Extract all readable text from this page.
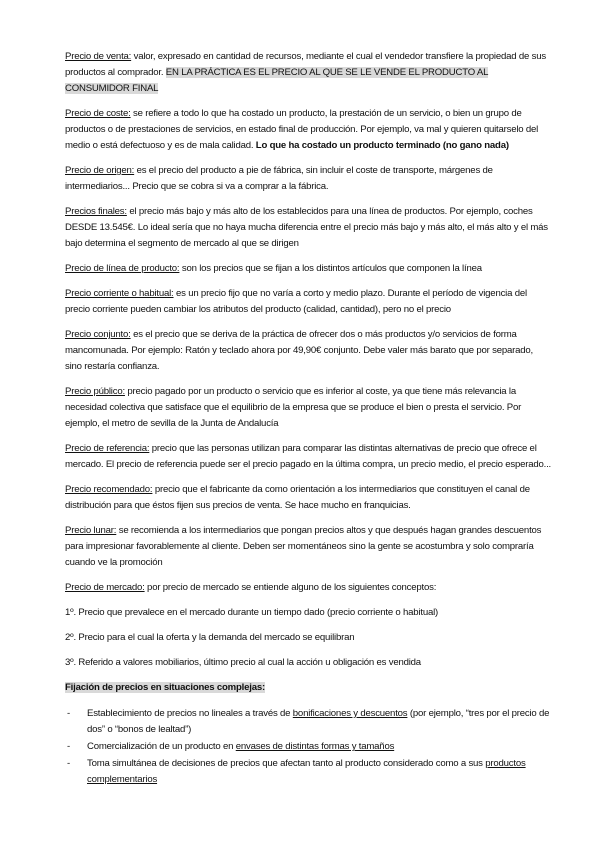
Precio de venta: valor, expresado en cantidad de recursos, mediante el cual el vendedor transfiere la propiedad de sus productos al comprador. EN LA PRÁCTICA ES EL PRECIO AL QUE SE LE VENDE EL PRODUCTO AL CONSUMIDOR FINAL

Precio de coste: se refiere a todo lo que ha costado un producto, la prestación de un servicio, o bien un grupo de productos o de prestaciones de servicios, en estado final de producción. Por ejemplo, va mal y quieren quitarselo del medio o está defectuoso y es de mala calidad. Lo que ha costado un producto terminado (no gano nada)

Precio de origen: es el precio del producto a pie de fábrica, sin incluir el coste de transporte, márgenes de intermediarios... Precio que se cobra si va a comprar a la fábrica.

Precios finales: el precio más bajo y más alto de los establecidos para una línea de productos. Por ejemplo, coches DESDE 13.545€. Lo ideal sería que no haya mucha diferencia entre el precio más bajo y más alto, el más alto y el más bajo determina el segmento de mercado al que se dirigen

Precio de línea de producto: son los precios que se fijan a los distintos artículos que componen la línea

Precio corriente o habitual: es un precio fijo que no varía a corto y medio plazo. Durante el período de vigencia del precio corriente pueden cambiar los atributos del producto (calidad, cantidad), pero no el precio

Precio conjunto: es el precio que se deriva de la práctica de ofrecer dos o más productos y/o servicios de forma mancomunada. Por ejemplo: Ratón y teclado ahora por 49,90€ conjunto. Debe valer más barato que por separado, sino restaría confianza.

Precio público: precio pagado por un producto o servicio que es inferior al coste, ya que tiene más relevancia la necesidad colectiva que satisface que el equilibrio de la empresa que se produce el bien o presta el servicio. Por ejemplo, el metro de sevilla de la Junta de Andalucía

Precio de referencia: precio que las personas utilizan para comparar las distintas alternativas de precio que ofrece el mercado. El precio de referencia puede ser el precio pagado en la última compra, un precio medio, el precio esperado...

Precio recomendado: precio que el fabricante da como orientación a los intermediarios que constituyen el canal de distribución para que éstos fijen sus precios de venta. Se hace mucho en franquicias.

Precio lunar: se recomienda a los intermediarios que pongan precios altos y que después hagan grandes descuentos para impresionar favorablemente al cliente. Deben ser momentáneos sino la gente se acostumbra y solo compraría cuando ve la promoción

Precio de mercado: por precio de mercado se entiende alguno de los siguientes conceptos:

1º. Precio que prevalece en el mercado durante un tiempo dado (precio corriente o habitual)

2º. Precio para el cual la oferta y la demanda del mercado se equilibran

3º. Referido a valores mobiliarios, último precio al cual la acción u obligación es vendida

Fijación de precios en situaciones complejas:

-	Establecimiento de precios no lineales a través de bonificaciones y descuentos (por ejemplo, “tres por el precio de dos” o “bonos de lealtad”)
-	Comercialización de un producto en envases de distintas formas y tamaños
-	Toma simultánea de decisiones de precios que afectan tanto al producto considerado como a sus productos complementarios
